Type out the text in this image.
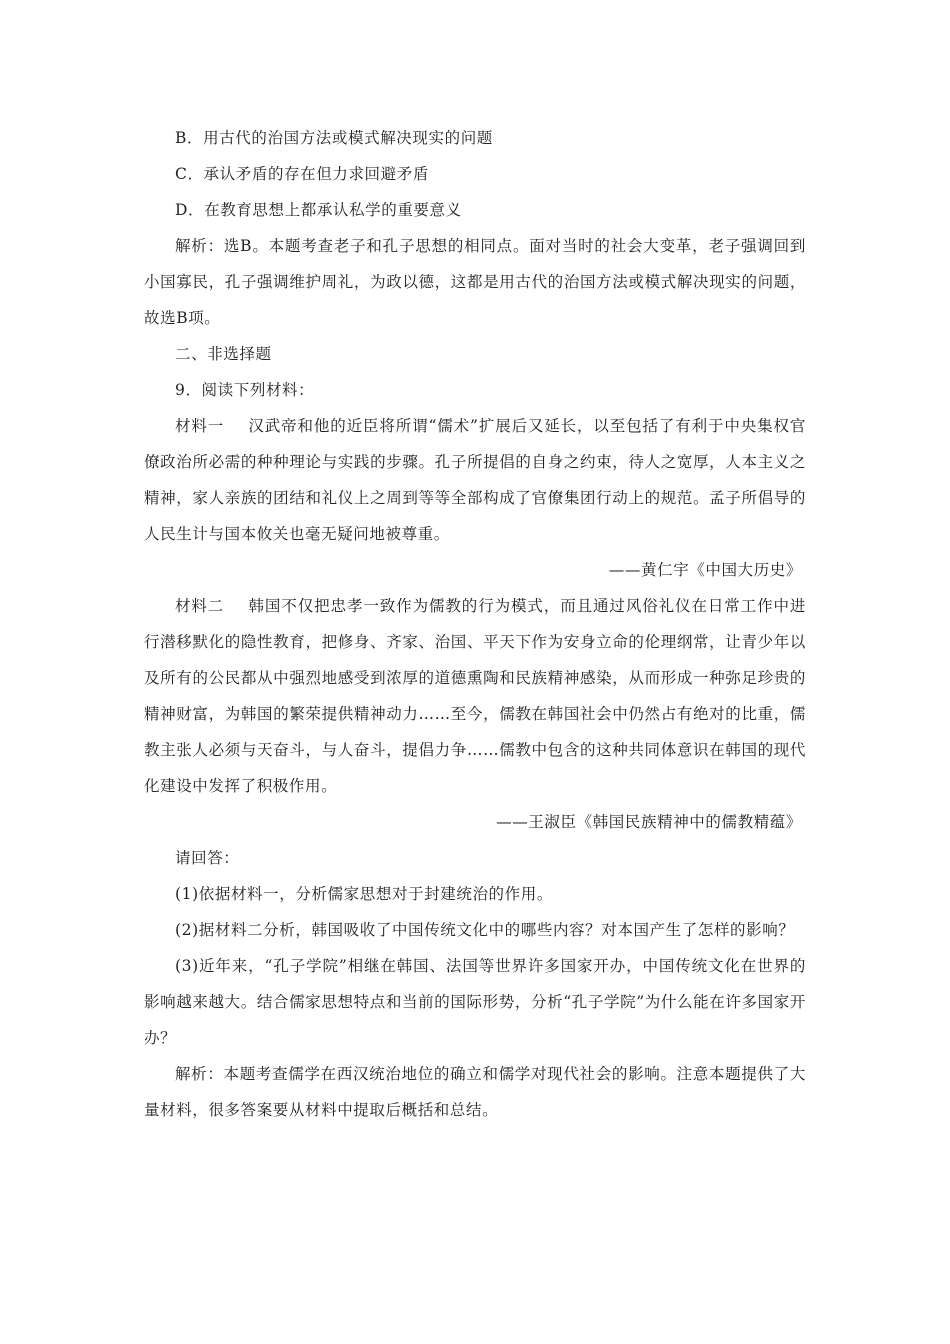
B．用古代的治国方法或模式解决现实的问题

C．承认矛盾的存在但力求回避矛盾

D．在教育思想上都承认私学的重要意义

解析：选B。本题考查老子和孔子思想的相同点。面对当时的社会大变革，老子强调回到小国寡民，孔子强调维护周礼，为政以德，这都是用古代的治国方法或模式解决现实的问题，故选B项。

二、非选择题

9．阅读下列材料：

材料一 汉武帝和他的近臣将所谓“儒术”扩展后又延长，以至包括了有利于中央集权官僚政治所必需的种种理论与实践的步骤。孔子所提倡的自身之约束，待人之宽厚，人本主义之精神，家人亲族的团结和礼仪上之周到等等全部构成了官僚集团行动上的规范。孟子所倡导的人民生计与国本攸关也毫无疑问地被尊重。

——黄仁宇《中国大历史》

材料二 韩国不仅把忠孝一致作为儒教的行为模式，而且通过风俗礼仪在日常工作中进行潜移默化的隐性教育，把修身、齐家、治国、平天下作为安身立命的伦理纲常，让青少年以及所有的公民都从中强烈地感受到浓厚的道德熏陶和民族精神感染，从而形成一种弥足珍贵的精神财富，为韩国的繁荣提供精神动力……至今，儒教在韩国社会中仍然占有绝对的比重，儒教主张人必须与天奋斗，与人奋斗，提倡力争……儒教中包含的这种共同体意识在韩国的现代化建设中发挥了积极作用。

——王淑臣《韩国民族精神中的儒教精蕴》

请回答：

(1)依据材料一，分析儒家思想对于封建统治的作用。

(2)据材料二分析，韩国吸收了中国传统文化中的哪些内容？对本国产生了怎样的影响？

(3)近年来，“孔子学院”相继在韩国、法国等世界许多国家开办，中国传统文化在世界的影响越来越大。结合儒家思想特点和当前的国际形势，分析“孔子学院”为什么能在许多国家开办？

解析：本题考查儒学在西汉统治地位的确立和儒学对现代社会的影响。注意本题提供了大量材料，很多答案要从材料中提取后概括和总结。
